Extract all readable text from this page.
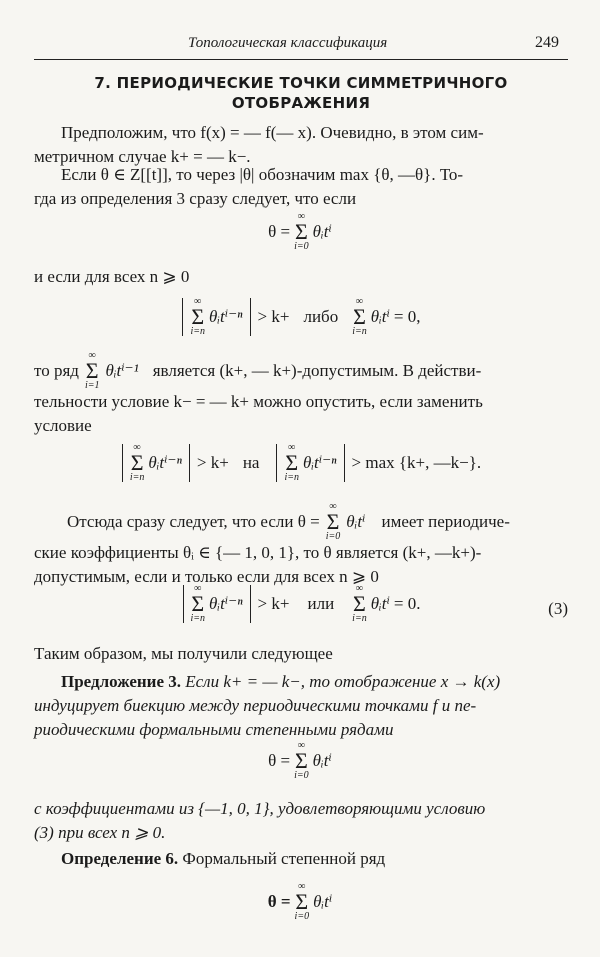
Топологическая классификация	249
7. ПЕРИОДИЧЕСКИЕ ТОЧКИ СИММЕТРИЧНОГО
ОТОБРАЖЕНИЯ
Предположим, что f(x) = — f(— x). Очевидно, в этом сим-
метричном случае k+ = — k−.
Если θ ∈ Z[[t]], то через |θ| обозначим max {θ, —θ}. То-
гда из определения 3 сразу следует, что если
θ =
∞
Σ
i=0
θᵢtⁱ
и если для всех n ⩾ 0
∞
Σ
i=n
θᵢtⁱ⁻ⁿ > k+ либо
∞
Σ
i=n
θᵢtⁱ = 0,
то ряд
∞
Σ
i=1
θᵢtⁱ⁻¹ является (k+, — k+)-допустимым. В действи-
тельности условие k− = — k+ можно опустить, если заменить
условие
∞
Σ
i=n
θᵢtⁱ⁻ⁿ > k+ на
∞
Σ
i=n
θᵢtⁱ⁻ⁿ > max {k+, —k−}.
Отсюда сразу следует, что если θ =
∞
Σ
i=0
θᵢtⁱ имеет периодиче-
ские коэффициенты θᵢ ∈ {— 1, 0, 1}, то θ является (k+, —k+)-
допустимым, если и только если для всех n ⩾ 0
∞
Σ
i=n
θᵢtⁱ⁻ⁿ > k+ или
∞
Σ
i=n
θᵢtⁱ = 0.	(3)
Таким образом, мы получили следующее
Предложение 3. Если k+ = — k−, то отображение x → k(x)
индуцирует биекцию между периодическими точками f и пе-
риодическими формальными степенными рядами
θ =
∞
Σ
i=0
θᵢtⁱ
с коэффициентами из {—1, 0, 1}, удовлетворяющими условию
(3) при всех n ⩾ 0.
Определение 6. Формальный степенной ряд
θ =
∞
Σ
i=0
θᵢtⁱ
